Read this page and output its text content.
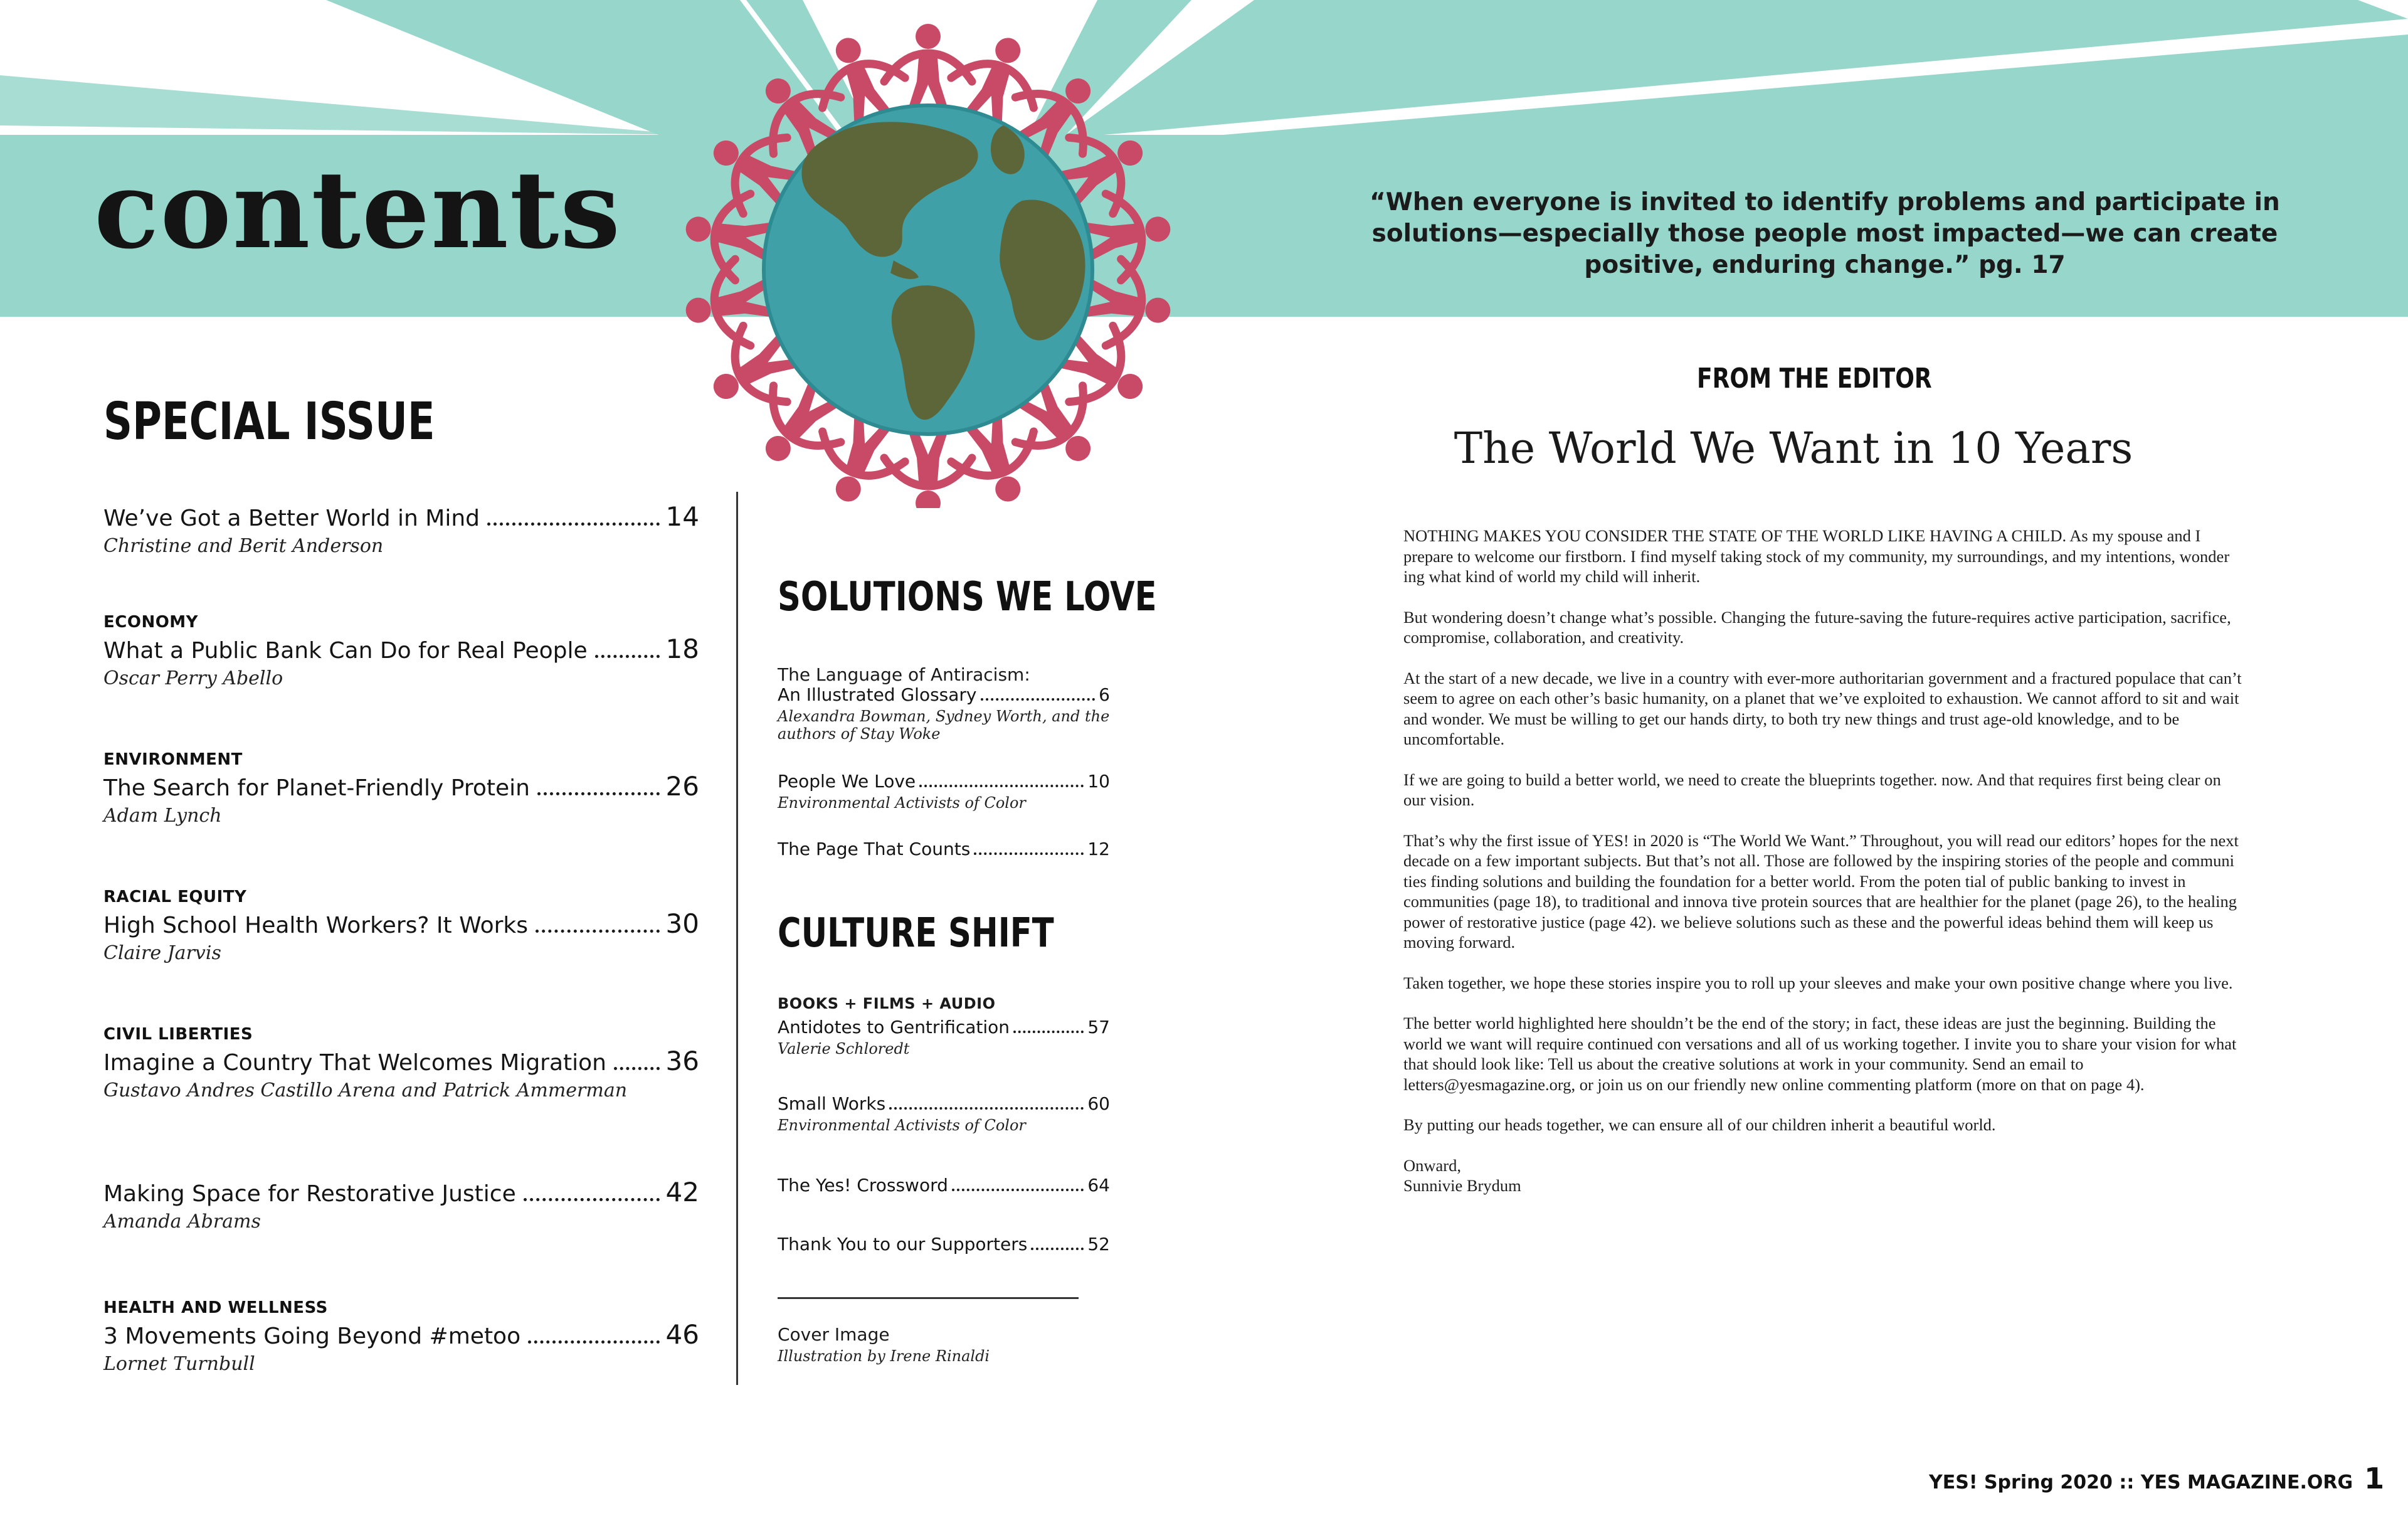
contents	“When everyone is invited to identify problems and participate in solutions—especially those people most impacted—we can create positive, enduring change.” pg. 17
SPECIAL ISSUE
We’ve Got a Better World in Mind	14
Christine and Berit Anderson
ECONOMY
What a Public Bank Can Do for Real People	18
Oscar Perry Abello
ENVIRONMENT
The Search for Planet-Friendly Protein	26
Adam Lynch
RACIAL EQUITY
High School Health Workers? It Works	30
Claire Jarvis
CIVIL LIBERTIES
Imagine a Country That Welcomes Migration 36
Gustavo Andres Castillo Arena and Patrick Ammerman
Making Space for Restorative Justice	42
Amanda Abrams
HEALTH AND WELLNESS
3 Movements Going Beyond #metoo	46
Lornet Turnbull
SOLUTIONS WE LOVE
The Language of Antiracism:
An Illustrated Glossary	6
Alexandra Bowman, Sydney Worth, and the
authors of Stay Woke
People We Love	10
Environmental Activists of Color
The Page That Counts	12
CULTURE SHIFT
BOOKS + FILMS + AUDIO
Antidotes to Gentrification	57
Valerie Schloredt
Small Works	60
Environmental Activists of Color
The Yes! Crossword	64
Thank You to our Supporters	52
Cover Image
Illustration by Irene Rinaldi
FROM THE EDITOR
The World We Want in 10 Years

NOTHING MAKES YOU CONSIDER THE STATE OF THE WORLD LIKE HAVING A CHILD. As my spouse and I prepare to welcome our firstborn. I find myself taking stock of my community, my surroundings, and my intentions, wonder ing what kind of world my child will inherit.

But wondering doesn’t change what’s possible. Changing the future-saving the future-requires active participation, sacrifice, compromise, collaboration, and creativity.

At the start of a new decade, we live in a country with ever-more authoritarian government and a fractured populace that can’t seem to agree on each other’s basic humanity, on a planet that we’ve exploited to exhaustion. We cannot afford to sit and wait and wonder. We must be willing to get our hands dirty, to both try new things and trust age-old knowledge, and to be uncomfortable.

If we are going to build a better world, we need to create the blueprints together. now. And that requires first being clear on our vision.

That’s why the first issue of YES! in 2020 is “The World We Want.” Throughout, you will read our editors’ hopes for the next decade on a few important subjects. But that’s not all. Those are followed by the inspiring stories of the people and communi ties finding solutions and building the foundation for a better world. From the poten tial of public banking to invest in communities (page 18), to traditional and innova tive protein sources that are healthier for the planet (page 26), to the healing power of restorative justice (page 42). we believe solutions such as these and the powerful ideas behind them will keep us moving forward.

Taken together, we hope these stories inspire you to roll up your sleeves and make your own positive change where you live.

The better world highlighted here shouldn’t be the end of the story; in fact, these ideas are just the beginning. Building the world we want will require continued con versations and all of us working together. I invite you to share your vision for what that should look like: Tell us about the creative solutions at work in your community. Send an email to letters@yesmagazine.org, or join us on our friendly new online commenting platform (more on that on page 4).

By putting our heads together, we can ensure all of our children inherit a beautiful world.

Onward,

Sunnivie Brydum

YES! Spring 2020 :: YES MAGAZINE.ORG 1
